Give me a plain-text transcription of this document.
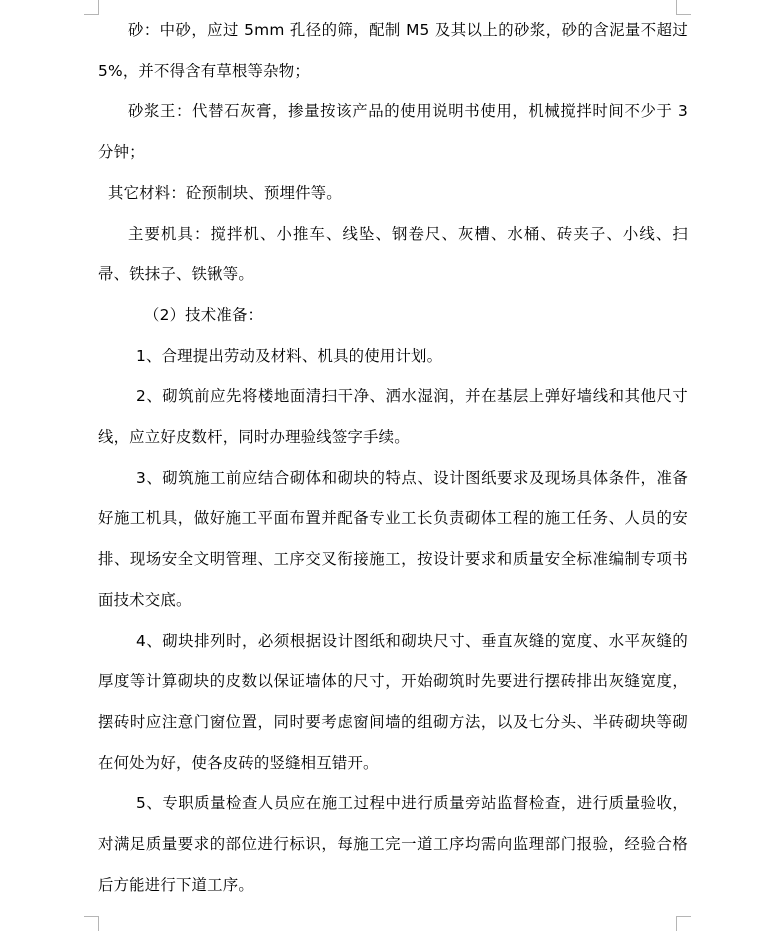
砂：中砂，应过 5mm 孔径的筛，配制 M5 及其以上的砂浆，砂的含泥量不超过 5%，并不得含有草根等杂物；

砂浆王：代替石灰膏，掺量按该产品的使用说明书使用，机械搅拌时间不少于 3 分钟；

其它材料：砼预制块、预埋件等。

主要机具：搅拌机、小推车、线坠、钢卷尺、灰槽、水桶、砖夹子、小线、扫帚、铁抹子、铁锹等。

（2）技术准备：

1、合理提出劳动及材料、机具的使用计划。

2、砌筑前应先将楼地面清扫干净、洒水湿润，并在基层上弹好墙线和其他尺寸线，应立好皮数杆，同时办理验线签字手续。

3、砌筑施工前应结合砌体和砌块的特点、设计图纸要求及现场具体条件，准备好施工机具，做好施工平面布置并配备专业工长负责砌体工程的施工任务、人员的安排、现场安全文明管理、工序交叉衔接施工，按设计要求和质量安全标准编制专项书面技术交底。

4、砌块排列时，必须根据设计图纸和砌块尺寸、垂直灰缝的宽度、水平灰缝的厚度等计算砌块的皮数以保证墙体的尺寸，开始砌筑时先要进行摆砖排出灰缝宽度，摆砖时应注意门窗位置，同时要考虑窗间墙的组砌方法，以及七分头、半砖砌块等砌在何处为好，使各皮砖的竖缝相互错开。

5、专职质量检查人员应在施工过程中进行质量旁站监督检查，进行质量验收，对满足质量要求的部位进行标识，每施工完一道工序均需向监理部门报验，经验合格后方能进行下道工序。
